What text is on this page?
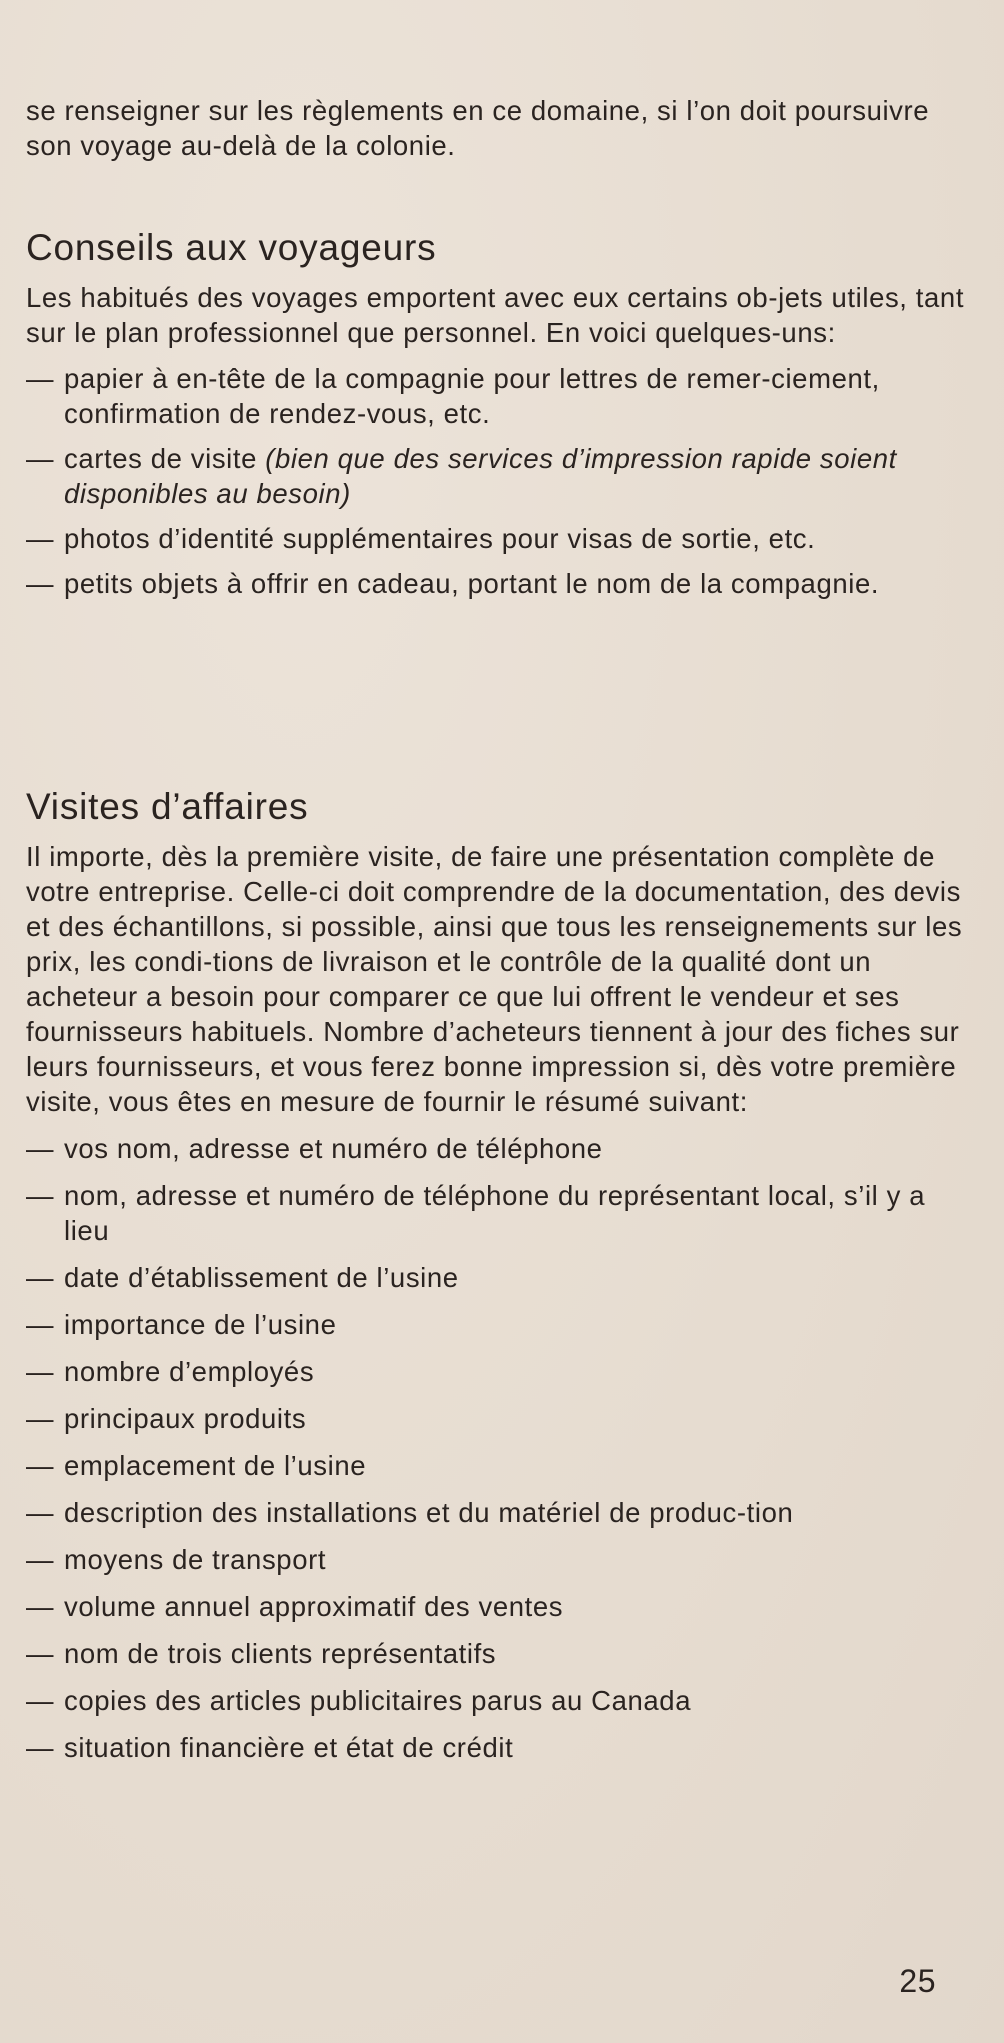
se renseigner sur les règlements en ce domaine, si l’on doit poursuivre son voyage au-delà de la colonie.

Conseils aux voyageurs

Les habitués des voyages emportent avec eux certains ob-jets utiles, tant sur le plan professionnel que personnel. En voici quelques-uns:

— papier à en-tête de la compagnie pour lettres de remer-ciement, confirmation de rendez-vous, etc.
— cartes de visite (bien que des services d’impression rapide soient disponibles au besoin)
— photos d’identité supplémentaires pour visas de sortie, etc.
— petits objets à offrir en cadeau, portant le nom de la compagnie.
Visites d’affaires

Il importe, dès la première visite, de faire une présentation complète de votre entreprise. Celle-ci doit comprendre de la documentation, des devis et des échantillons, si possible, ainsi que tous les renseignements sur les prix, les condi-tions de livraison et le contrôle de la qualité dont un acheteur a besoin pour comparer ce que lui offrent le vendeur et ses fournisseurs habituels. Nombre d’acheteurs tiennent à jour des fiches sur leurs fournisseurs, et vous ferez bonne impression si, dès votre première visite, vous êtes en mesure de fournir le résumé suivant:

— vos nom, adresse et numéro de téléphone
— nom, adresse et numéro de téléphone du représentant local, s’il y a lieu
— date d’établissement de l’usine
— importance de l’usine
— nombre d’employés
— principaux produits
— emplacement de l’usine
— description des installations et du matériel de produc-tion
— moyens de transport
— volume annuel approximatif des ventes
— nom de trois clients représentatifs
— copies des articles publicitaires parus au Canada
— situation financière et état de crédit
25
